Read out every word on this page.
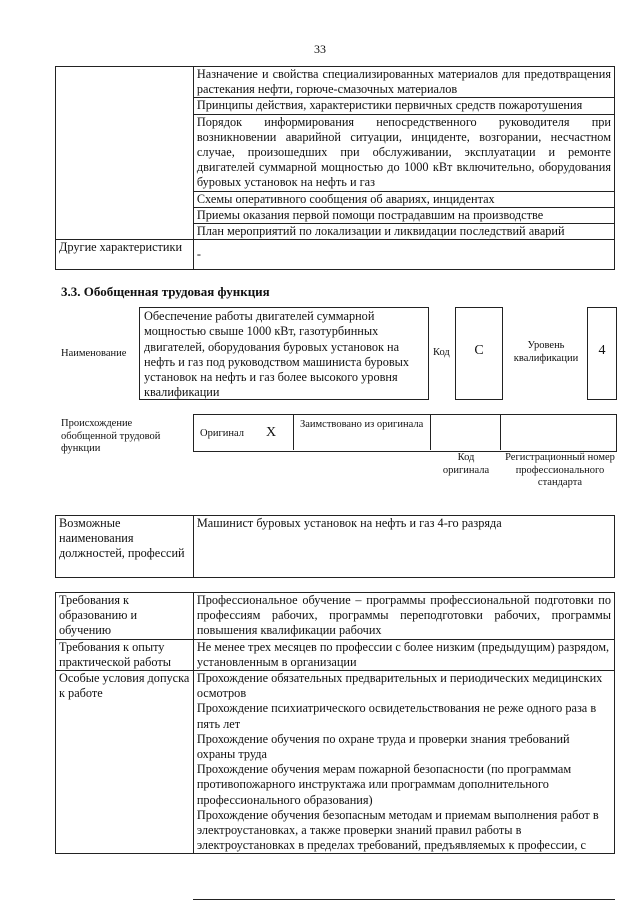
33
	Назначение и свойства специализированных материалов для предотвращения растекания нефти, горюче-смазочных материалов
	Принципы действия, характеристики первичных средств пожаротушения
	Порядок информирования непосредственного руководителя при возникновении аварийной ситуации, инциденте, возгорании, несчастном случае, произошедших при обслуживании, эксплуатации и ремонте двигателей суммарной мощностью до 1000 кВт включительно, оборудования буровых установок на нефть и газ
	Схемы оперативного сообщения об авариях, инцидентах
	Приемы оказания первой помощи пострадавшим на производстве
	План мероприятий по локализации и ликвидации последствий аварий
Другие характеристики	-
3.3. Обобщенная трудовая функция
Наименование
Обеспечение работы двигателей суммарной мощностью свыше 1000 кВт, газотурбинных двигателей, оборудования буровых установок на нефть и газ под руководством машиниста буровых установок на нефть и газ более высокого уровня квалификации
Код	C	Уровень квалификации	4
Происхождение обобщенной трудовой функции
Оригинал X
Заимствовано из оригинала
Код оригинала
Регистрационный номер профессионального стандарта
Возможные наименования должностей, профессий	Машинист буровых установок на нефть и газ 4-го разряда
Требования к образованию и обучению	Профессиональное обучение – программы профессиональной подготовки по профессиям рабочих, программы переподготовки рабочих, программы повышения квалификации рабочих
Требования к опыту практической работы	Не менее трех месяцев по профессии с более низким (предыдущим) разрядом, установленным в организации
Особые условия допуска к работе	Прохождение обязательных предварительных и периодических медицинских осмотров
Прохождение психиатрического освидетельствования не реже одного раза в пять лет
Прохождение обучения по охране труда и проверки знания требований охраны труда
Прохождение обучения мерам пожарной безопасности (по программам противопожарного инструктажа или программам дополнительного профессионального образования)
Прохождение обучения безопасным методам и приемам выполнения работ в электроустановках, а также проверки знаний правил работы в электроустановках в пределах требований, предъявляемых к профессии, с
